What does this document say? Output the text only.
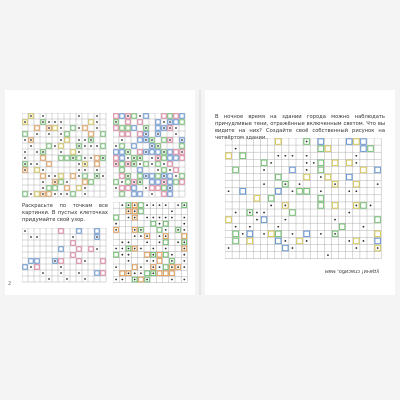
Раскрасьте по точкам все картинки. В пустых клеточках придумайте свой узор.

2

В ночное время на здании города можно наблюдать причудливые тени, отражённые включенным светом. Что вы видите на них? Создайте своё собственный рисунок на четвёртом здании.

удачи! спасибо, мам
